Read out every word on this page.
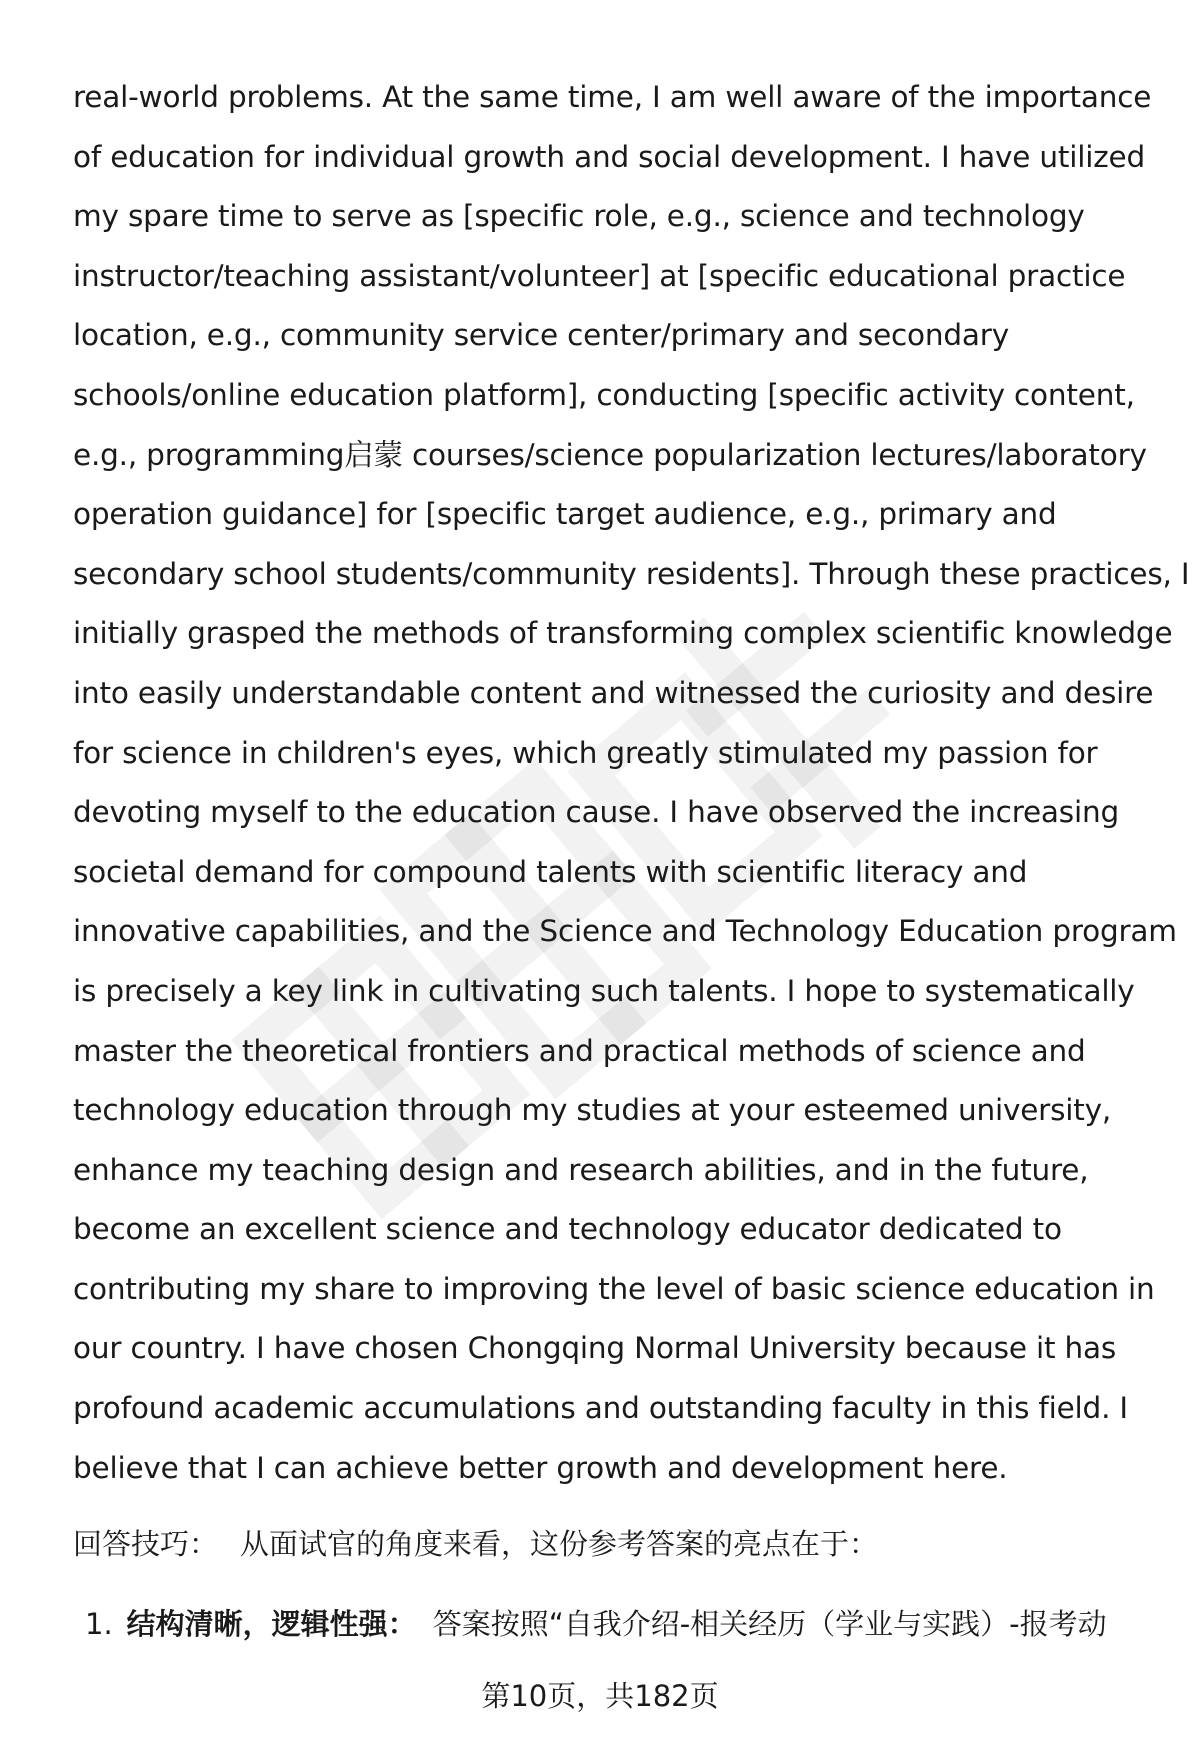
real-world problems. At the same time, I am well aware of the importance
of education for individual growth and social development. I have utilized
my spare time to serve as [specific role, e.g., science and technology
instructor/teaching assistant/volunteer] at [specific educational practice
location, e.g., community service center/primary and secondary
schools/online education platform], conducting [specific activity content,
e.g., programming启蒙 courses/science popularization lectures/laboratory
operation guidance] for [specific target audience, e.g., primary and
secondary school students/community residents]. Through these practices, I
initially grasped the methods of transforming complex scientific knowledge
into easily understandable content and witnessed the curiosity and desire
for science in children's eyes, which greatly stimulated my passion for
devoting myself to the education cause. I have observed the increasing
societal demand for compound talents with scientific literacy and
innovative capabilities, and the Science and Technology Education program
is precisely a key link in cultivating such talents. I hope to systematically
master the theoretical frontiers and practical methods of science and
technology education through my studies at your esteemed university,
enhance my teaching design and research abilities, and in the future,
become an excellent science and technology educator dedicated to
contributing my share to improving the level of basic science education in
our country. I have chosen Chongqing Normal University because it has
profound academic accumulations and outstanding faculty in this field. I
believe that I can achieve better growth and development here.
回答技巧： 从面试官的角度来看，这份参考答案的亮点在于：
1. 结构清晰，逻辑性强： 答案按照“自我介绍-相关经历（学业与实践）-报考动
第10页，共182页
